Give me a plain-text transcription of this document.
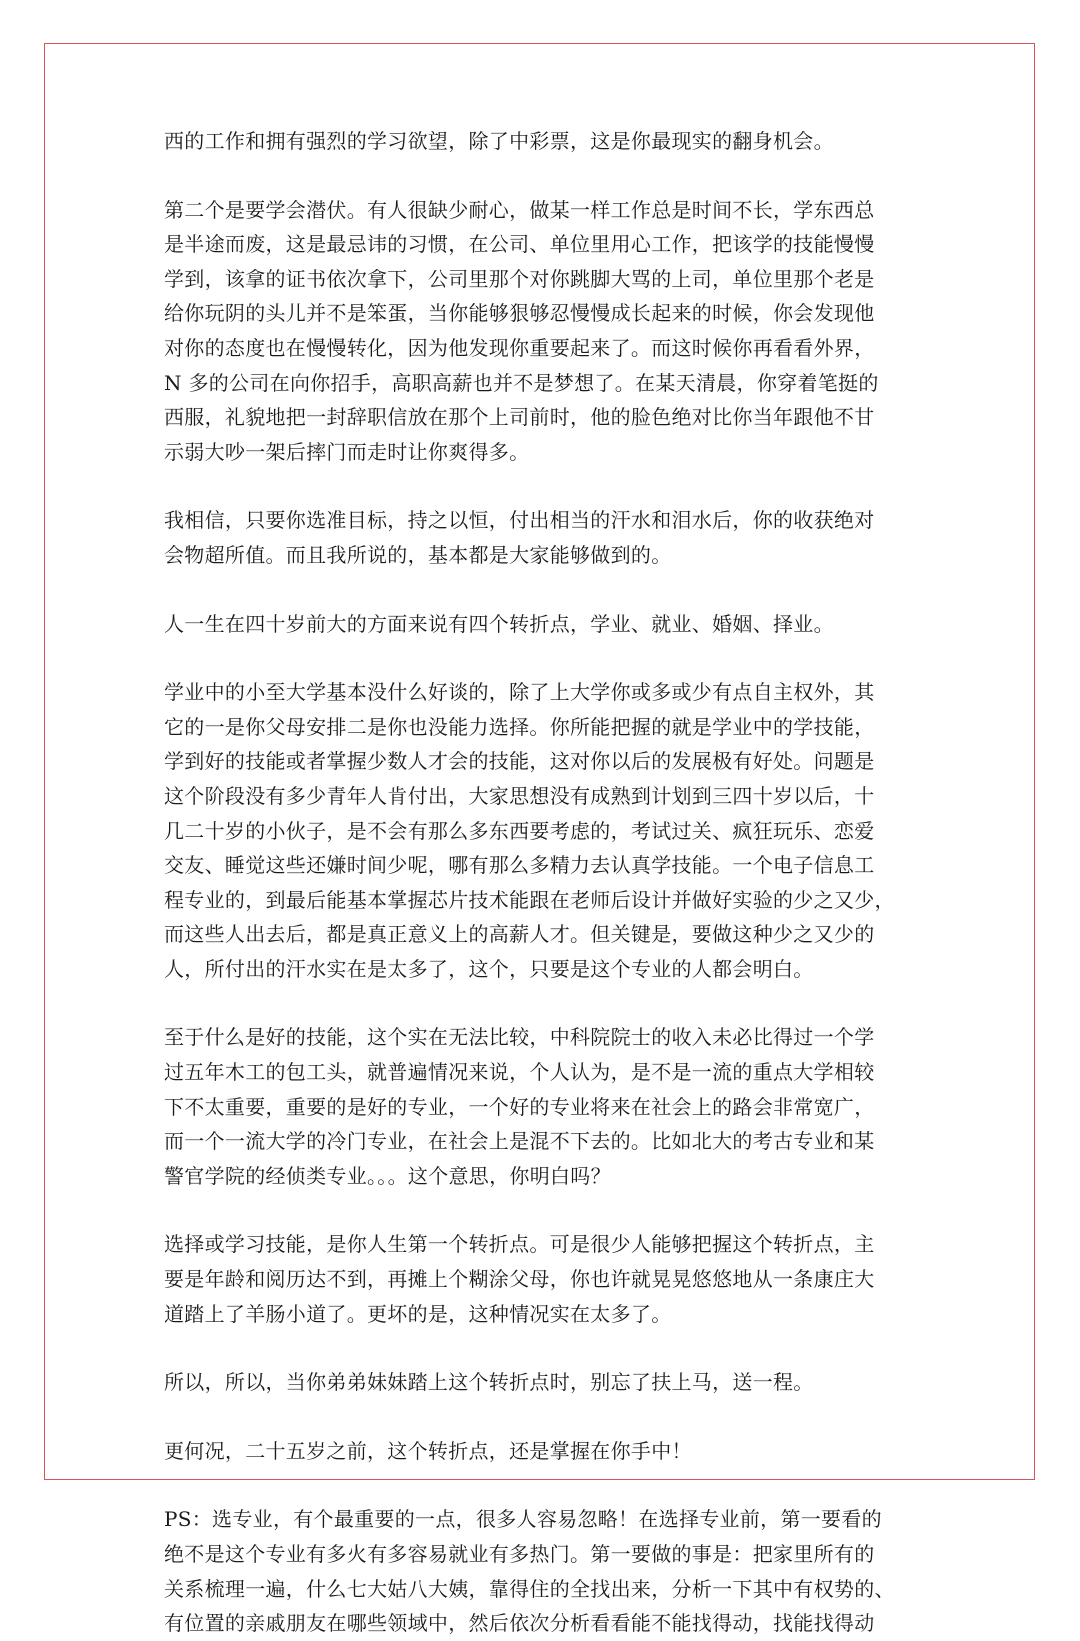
西的工作和拥有强烈的学习欲望，除了中彩票，这是你最现实的翻身机会。

第二个是要学会潜伏。有人很缺少耐心，做某一样工作总是时间不长，学东西总
是半途而废，这是最忌讳的习惯，在公司、单位里用心工作，把该学的技能慢慢
学到，该拿的证书依次拿下，公司里那个对你跳脚大骂的上司，单位里那个老是
给你玩阴的头儿并不是笨蛋，当你能够狠够忍慢慢成长起来的时候，你会发现他
对你的态度也在慢慢转化，因为他发现你重要起来了。而这时候你再看看外界，
N 多的公司在向你招手，高职高薪也并不是梦想了。在某天清晨，你穿着笔挺的
西服，礼貌地把一封辞职信放在那个上司前时，他的脸色绝对比你当年跟他不甘
示弱大吵一架后摔门而走时让你爽得多。

我相信，只要你选准目标，持之以恒，付出相当的汗水和泪水后，你的收获绝对
会物超所值。而且我所说的，基本都是大家能够做到的。

人一生在四十岁前大的方面来说有四个转折点，学业、就业、婚姻、择业。

学业中的小至大学基本没什么好谈的，除了上大学你或多或少有点自主权外，其
它的一是你父母安排二是你也没能力选择。你所能把握的就是学业中的学技能，
学到好的技能或者掌握少数人才会的技能，这对你以后的发展极有好处。问题是
这个阶段没有多少青年人肯付出，大家思想没有成熟到计划到三四十岁以后，十
几二十岁的小伙子，是不会有那么多东西要考虑的，考试过关、疯狂玩乐、恋爱
交友、睡觉这些还嫌时间少呢，哪有那么多精力去认真学技能。一个电子信息工
程专业的，到最后能基本掌握芯片技术能跟在老师后设计并做好实验的少之又少，
而这些人出去后，都是真正意义上的高薪人才。但关键是，要做这种少之又少的
人，所付出的汗水实在是太多了，这个，只要是这个专业的人都会明白。

至于什么是好的技能，这个实在无法比较，中科院院士的收入未必比得过一个学
过五年木工的包工头，就普遍情况来说，个人认为，是不是一流的重点大学相较
下不太重要，重要的是好的专业，一个好的专业将来在社会上的路会非常宽广，
而一个一流大学的冷门专业，在社会上是混不下去的。比如北大的考古专业和某
警官学院的经侦类专业。。。这个意思，你明白吗？

选择或学习技能，是你人生第一个转折点。可是很少人能够把握这个转折点，主
要是年龄和阅历达不到，再摊上个糊涂父母，你也许就晃晃悠悠地从一条康庄大
道踏上了羊肠小道了。更坏的是，这种情况实在太多了。

所以，所以，当你弟弟妹妹踏上这个转折点时，别忘了扶上马，送一程。

更何况，二十五岁之前，这个转折点，还是掌握在你手中！

PS：选专业，有个最重要的一点，很多人容易忽略！在选择专业前，第一要看的
绝不是这个专业有多火有多容易就业有多热门。第一要做的事是：把家里所有的
关系梳理一遍，什么七大姑八大姨，靠得住的全找出来，分析一下其中有权势的、
有位置的亲戚朋友在哪些领域中，然后依次分析看看能不能找得动，找能找得动
